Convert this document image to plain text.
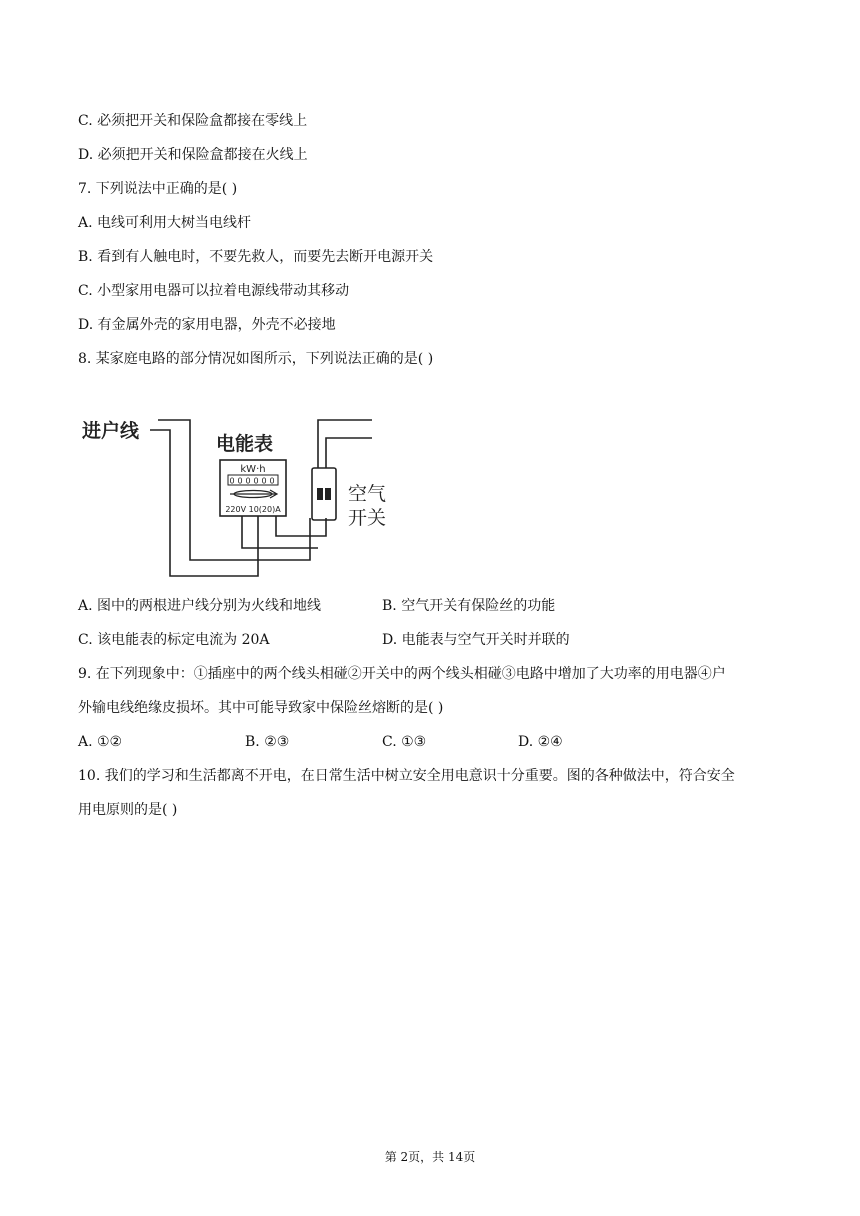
C. 必须把开关和保险盒都接在零线上
D. 必须把开关和保险盒都接在火线上
7. 下列说法中正确的是( )
A. 电线可利用大树当电线杆
B. 看到有人触电时，不要先救人，而要先去断开电源开关
C. 小型家用电器可以拉着电源线带动其移动
D. 有金属外壳的家用电器，外壳不必接地
8. 某家庭电路的部分情况如图所示，下列说法正确的是( )
进户线
电能表
kW·h
0 0 0 0 0 0
220V 10(20)A
空气
开关
A. 图中的两根进户线分别为火线和地线	B. 空气开关有保险丝的功能
C. 该电能表的标定电流为 20A	D. 电能表与空气开关时并联的
9. 在下列现象中：①插座中的两个线头相碰②开关中的两个线头相碰③电路中增加了大功率的用电器④户
外输电线绝缘皮损坏。其中可能导致家中保险丝熔断的是( )
A. ①②	B. ②③	C. ①③	D. ②④
10. 我们的学习和生活都离不开电，在日常生活中树立安全用电意识十分重要。图的各种做法中，符合安全
用电原则的是( )
第 2页，共 14页
